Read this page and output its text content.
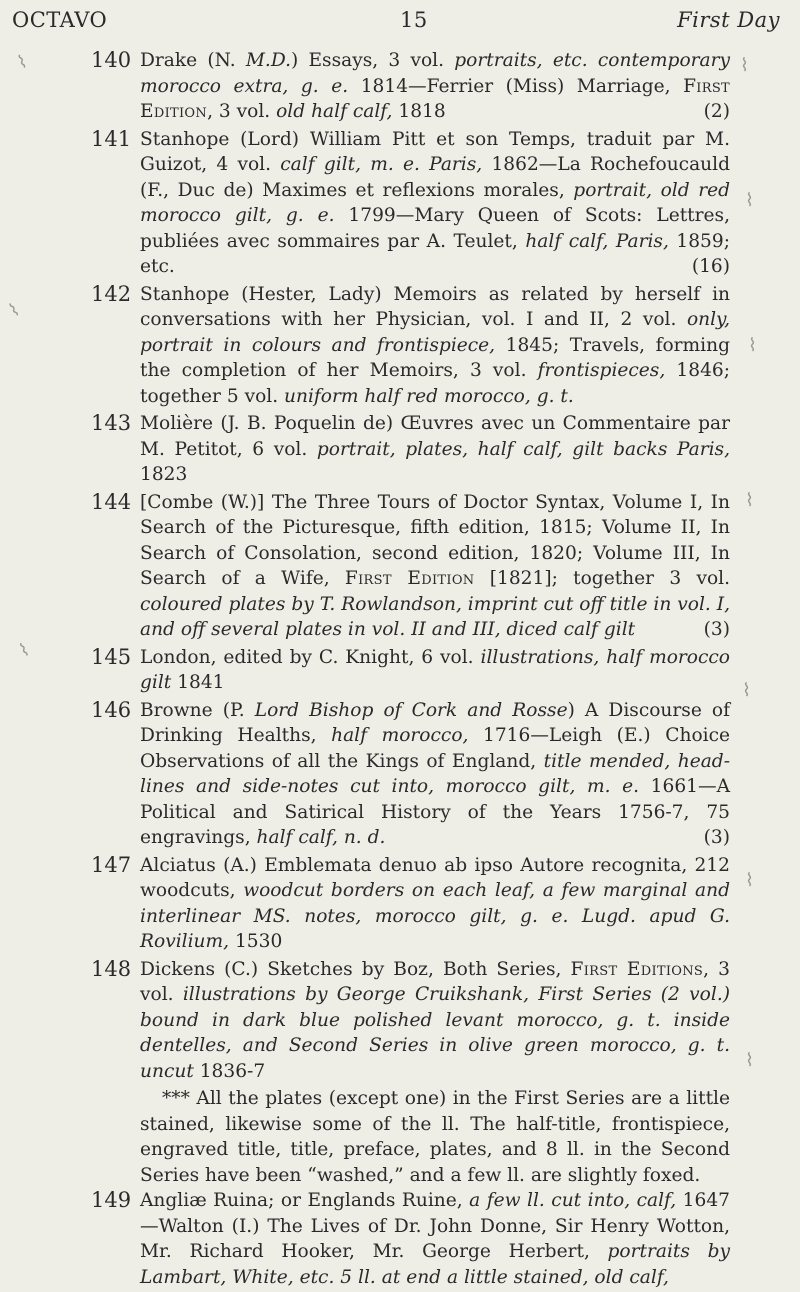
OCTAVO	15	First Day
140 Drake (N. M.D.) Essays, 3 vol. portraits, etc. contemporary morocco extra, g. e. 1814—Ferrier (Miss) Marriage, First Edition, 3 vol. old half calf, 1818	(2)
141 Stanhope (Lord) William Pitt et son Temps, traduit par M. Guizot, 4 vol. calf gilt, m. e. Paris, 1862—La Rochefoucauld (F., Duc de) Maximes et reflexions morales, portrait, old red morocco gilt, g. e. 1799—Mary Queen of Scots: Lettres, publiées avec sommaires par A. Teulet, half calf, Paris, 1859; etc.	(16)
142 Stanhope (Hester, Lady) Memoirs as related by herself in conversations with her Physician, vol. I and II, 2 vol. only, portrait in colours and frontispiece, 1845; Travels, forming the completion of her Memoirs, 3 vol. frontispieces, 1846; together 5 vol. uniform half red morocco, g. t.
143 Molière (J. B. Poquelin de) Œuvres avec un Commentaire par M. Petitot, 6 vol. portrait, plates, half calf, gilt backs Paris, 1823
144 [Combe (W.)] The Three Tours of Doctor Syntax, Volume I, In Search of the Picturesque, fifth edition, 1815; Volume II, In Search of Consolation, second edition, 1820; Volume III, In Search of a Wife, First Edition [1821]; together 3 vol. coloured plates by T. Rowlandson, imprint cut off title in vol. I, and off several plates in vol. II and III, diced calf gilt	(3)
145 London, edited by C. Knight, 6 vol. illustrations, half morocco gilt 1841
146 Browne (P. Lord Bishop of Cork and Rosse) A Discourse of Drinking Healths, half morocco, 1716—Leigh (E.) Choice Observations of all the Kings of England, title mended, head-lines and side-notes cut into, morocco gilt, m. e. 1661—A Political and Satirical History of the Years 1756-7, 75 engravings, half calf, n. d.	(3)
147 Alciatus (A.) Emblemata denuo ab ipso Autore recognita, 212 woodcuts, woodcut borders on each leaf, a few marginal and interlinear MS. notes, morocco gilt, g. e. Lugd. apud G. Rovilium, 1530
148 Dickens (C.) Sketches by Boz, Both Series, First Editions, 3 vol. illustrations by George Cruikshank, First Series (2 vol.) bound in dark blue polished levant morocco, g. t. inside dentelles, and Second Series in olive green morocco, g. t. uncut 1836-7
*** All the plates (except one) in the First Series are a little stained, likewise some of the ll. The half-title, frontispiece, engraved title, title, preface, plates, and 8 ll. in the Second Series have been “washed,” and a few ll. are slightly foxed.
149 Angliæ Ruina; or Englands Ruine, a few ll. cut into, calf, 1647—Walton (I.) The Lives of Dr. John Donne, Sir Henry Wotton, Mr. Richard Hooker, Mr. George Herbert, portraits by Lambart, White, etc. 5 ll. at end a little stained, old calf,
⌇
⌇
⌇
⌇
⌇
⌇
⌇
⌇
⌇
⌇
